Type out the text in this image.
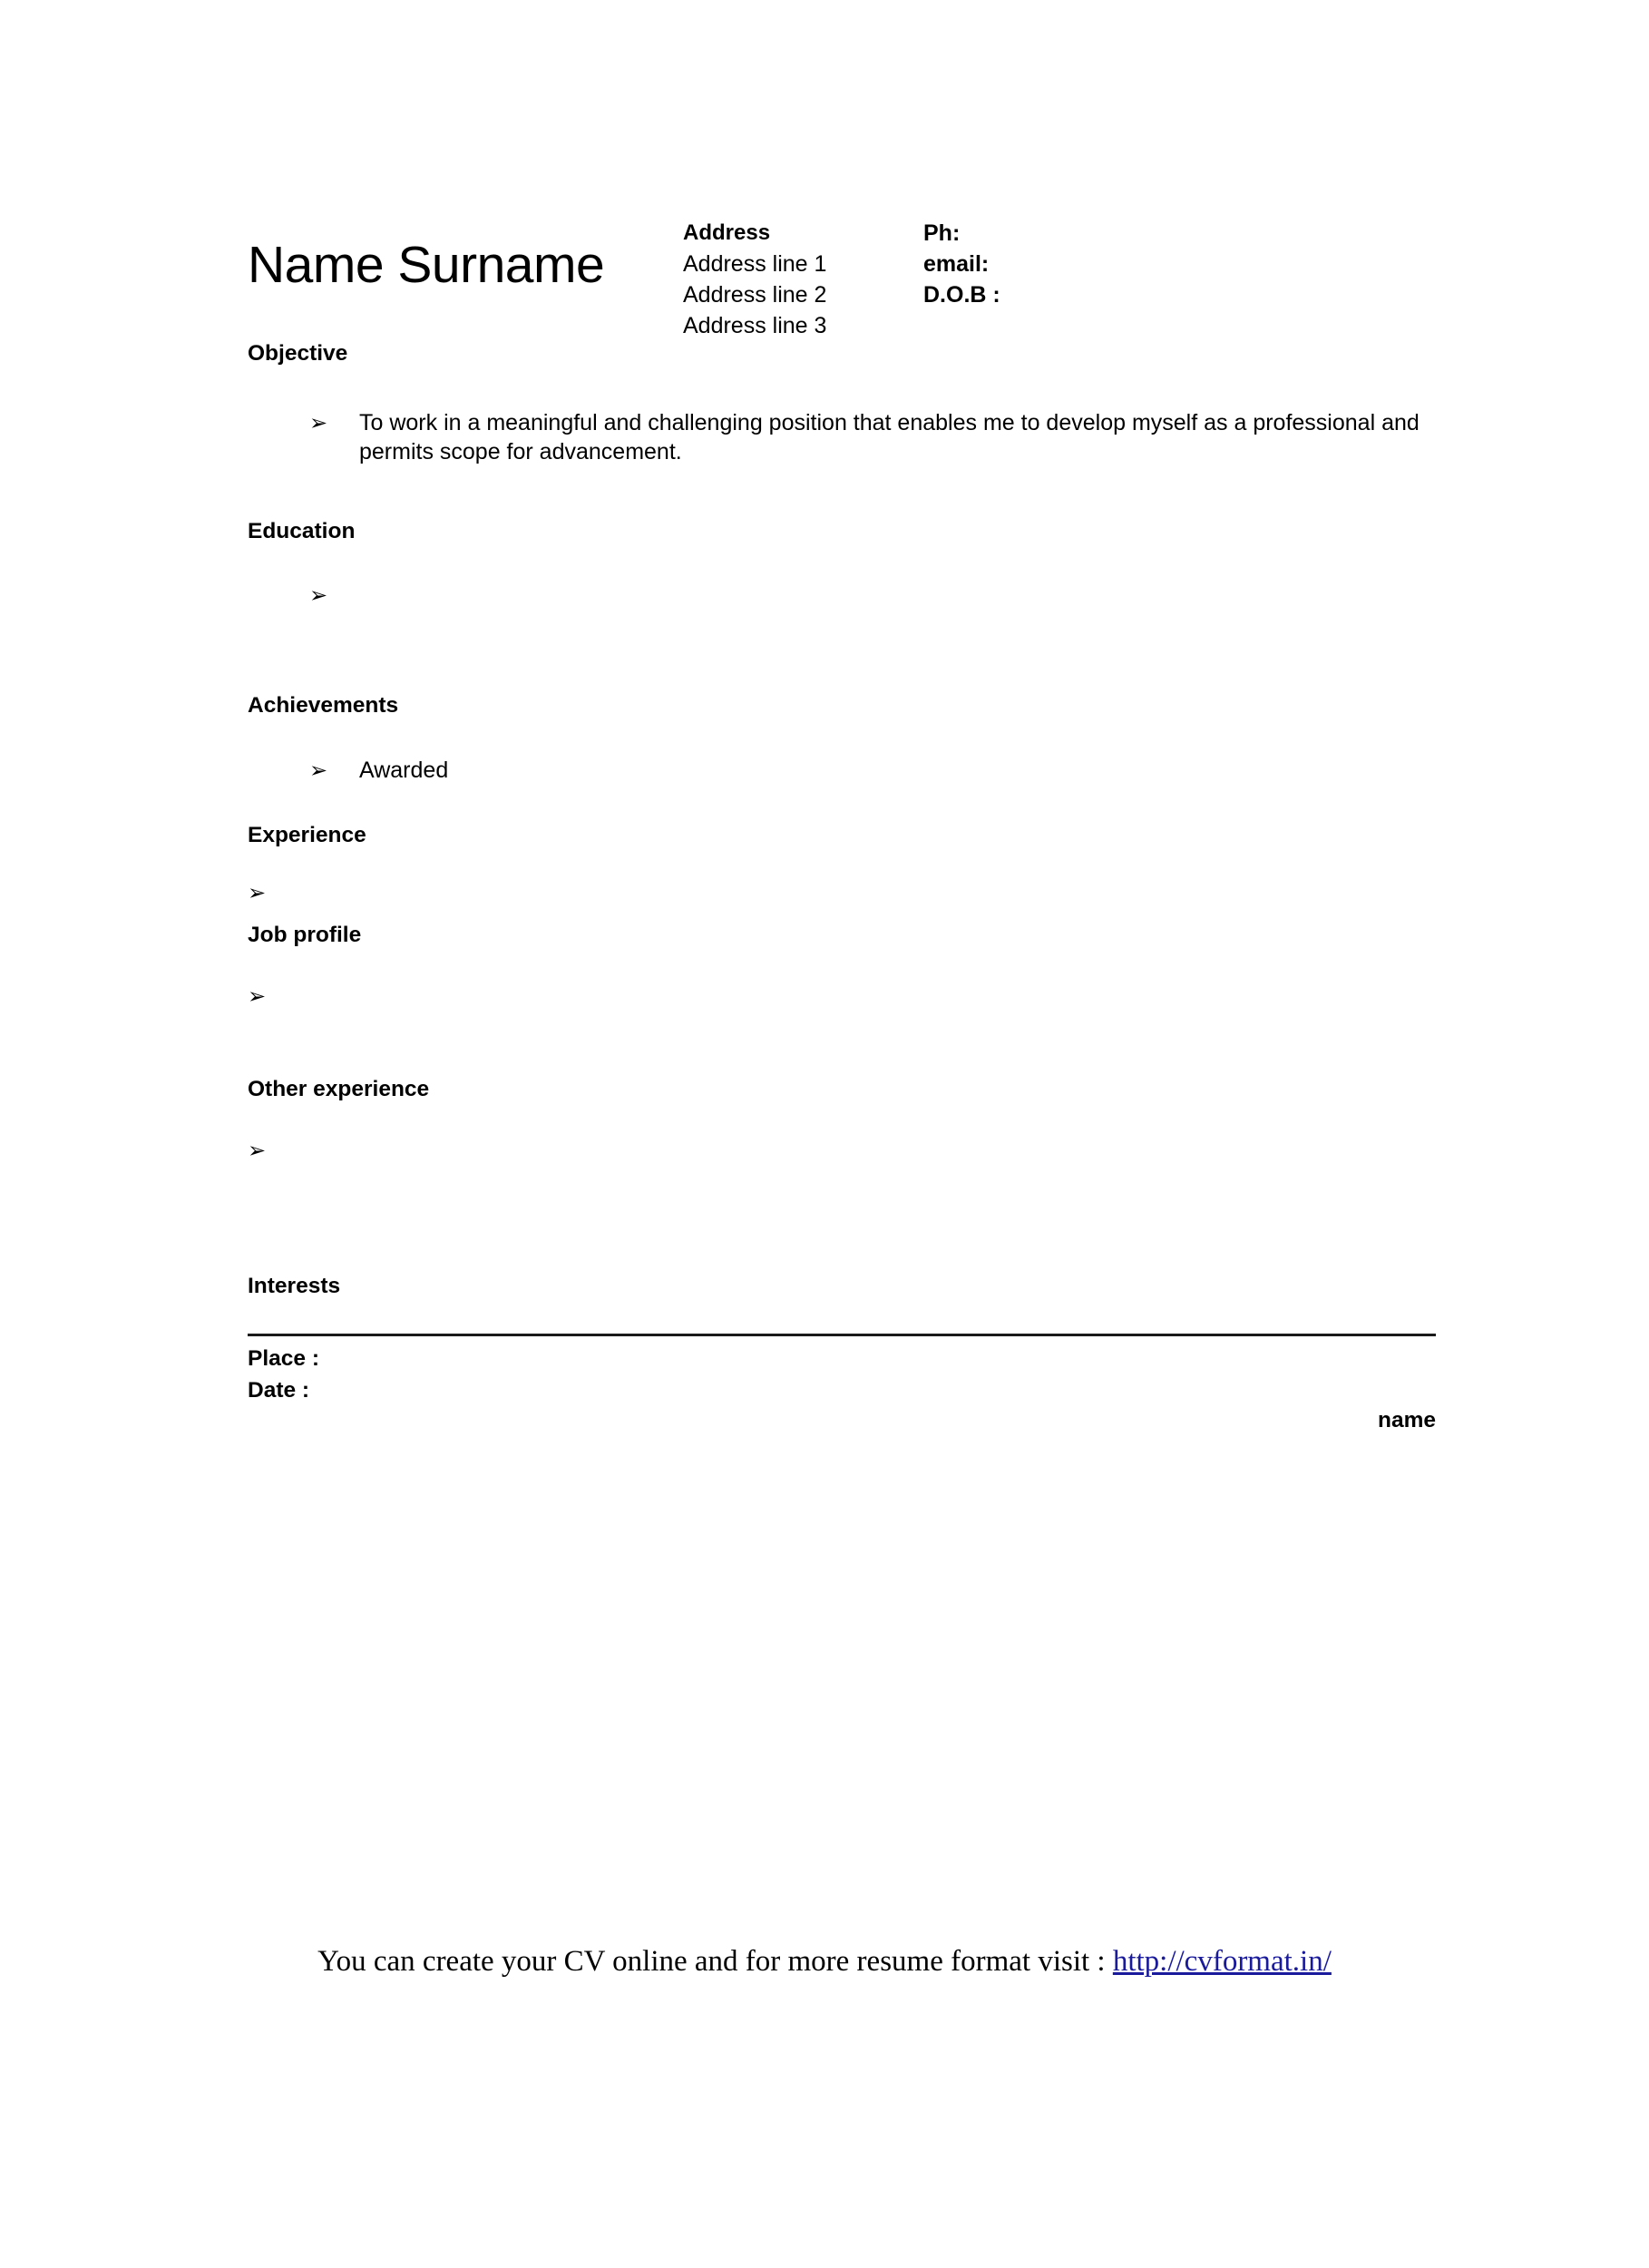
Name Surname
Address
Address line 1
Address line 2
Address line 3
Ph:
email:
D.O.B :
Objective
➢	To work in a meaningful and challenging position that enables me to develop myself as a professional and permits scope for advancement.
Education
➢
Achievements
➢	Awarded
Experience
➢
Job profile
➢
Other experience
➢
Interests
Place :
Date :
name
You can create your CV online and for more resume format visit : http://cvformat.in/
